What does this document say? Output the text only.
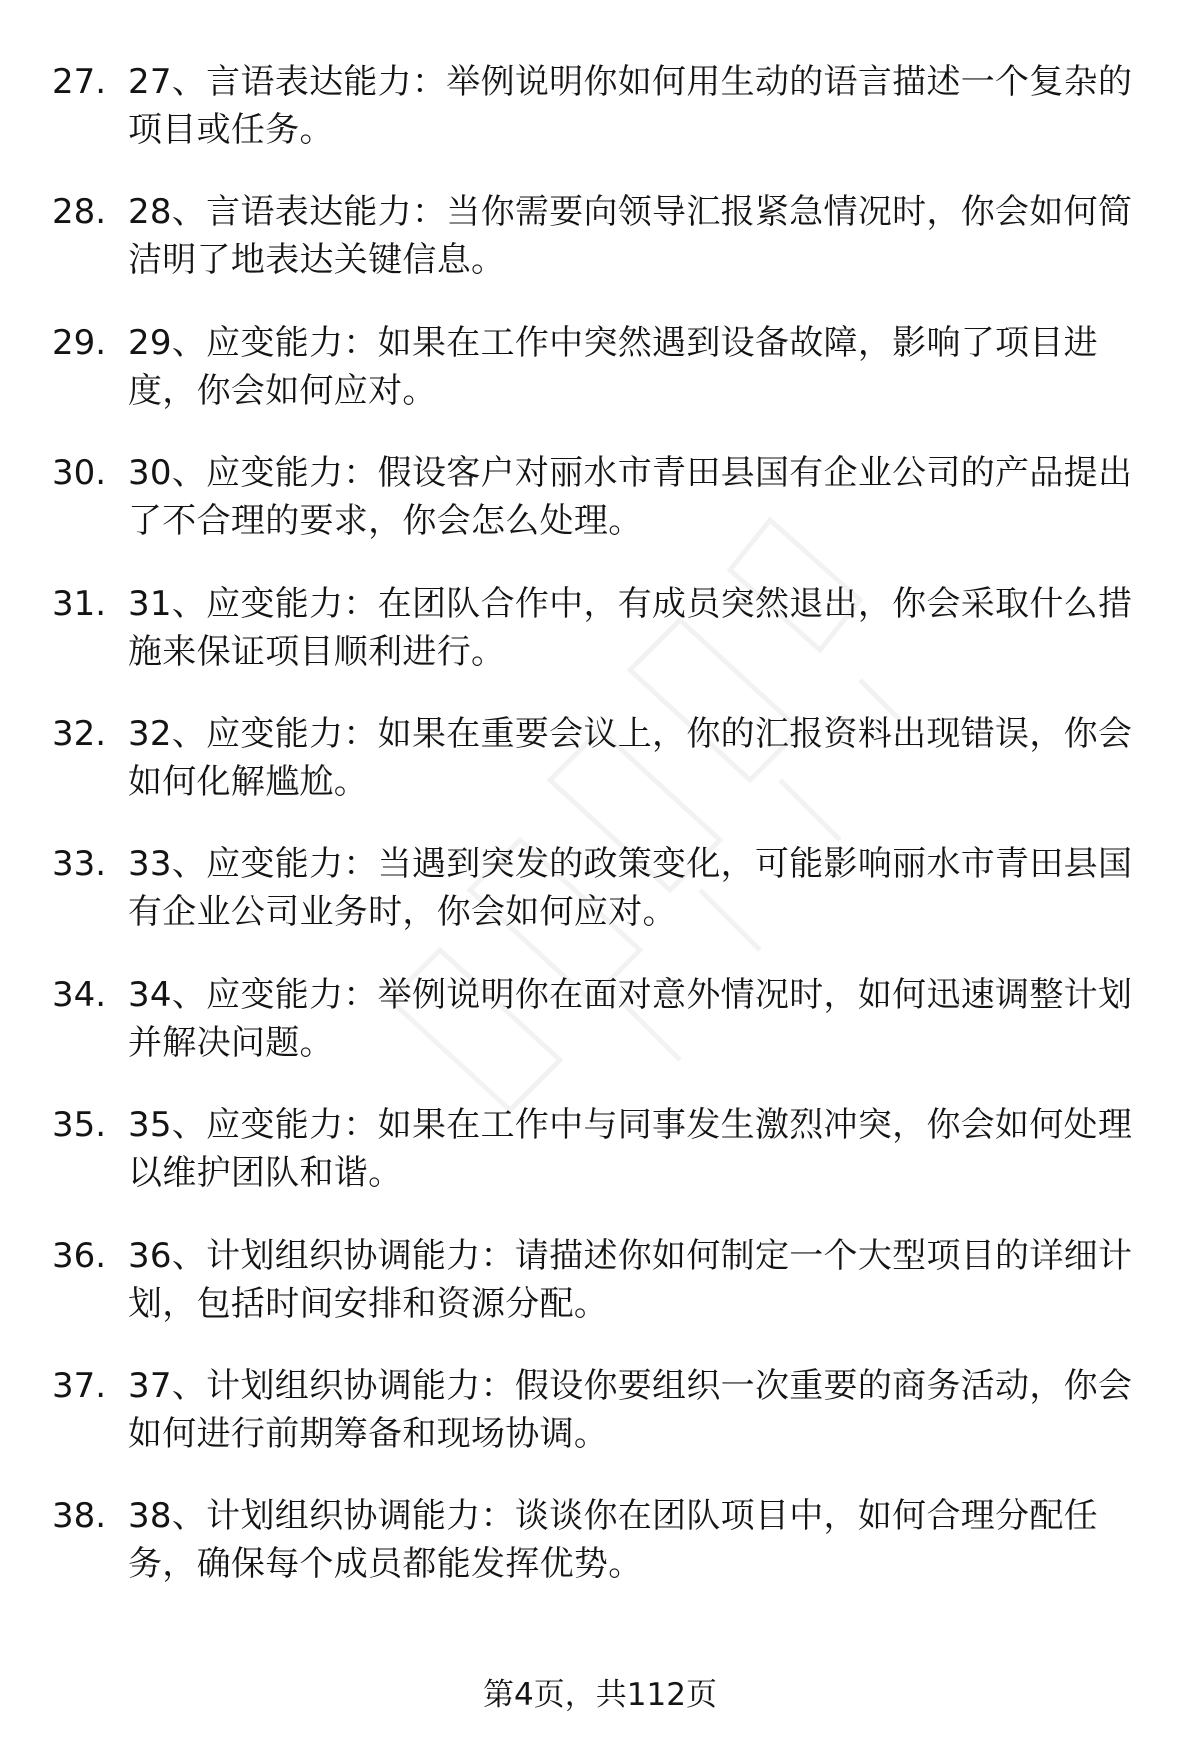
27. 27、言语表达能力：举例说明你如何用生动的语言描述一个复杂的项目或任务。
28. 28、言语表达能力：当你需要向领导汇报紧急情况时，你会如何简洁明了地表达关键信息。
29. 29、应变能力：如果在工作中突然遇到设备故障，影响了项目进度，你会如何应对。
30. 30、应变能力：假设客户对丽水市青田县国有企业公司的产品提出了不合理的要求，你会怎么处理。
31. 31、应变能力：在团队合作中，有成员突然退出，你会采取什么措施来保证项目顺利进行。
32. 32、应变能力：如果在重要会议上，你的汇报资料出现错误，你会如何化解尴尬。
33. 33、应变能力：当遇到突发的政策变化，可能影响丽水市青田县国有企业公司业务时，你会如何应对。
34. 34、应变能力：举例说明你在面对意外情况时，如何迅速调整计划并解决问题。
35. 35、应变能力：如果在工作中与同事发生激烈冲突，你会如何处理以维护团队和谐。
36. 36、计划组织协调能力：请描述你如何制定一个大型项目的详细计划，包括时间安排和资源分配。
37. 37、计划组织协调能力：假设你要组织一次重要的商务活动，你会如何进行前期筹备和现场协调。
38. 38、计划组织协调能力：谈谈你在团队项目中，如何合理分配任务，确保每个成员都能发挥优势。
第4页，共112页
